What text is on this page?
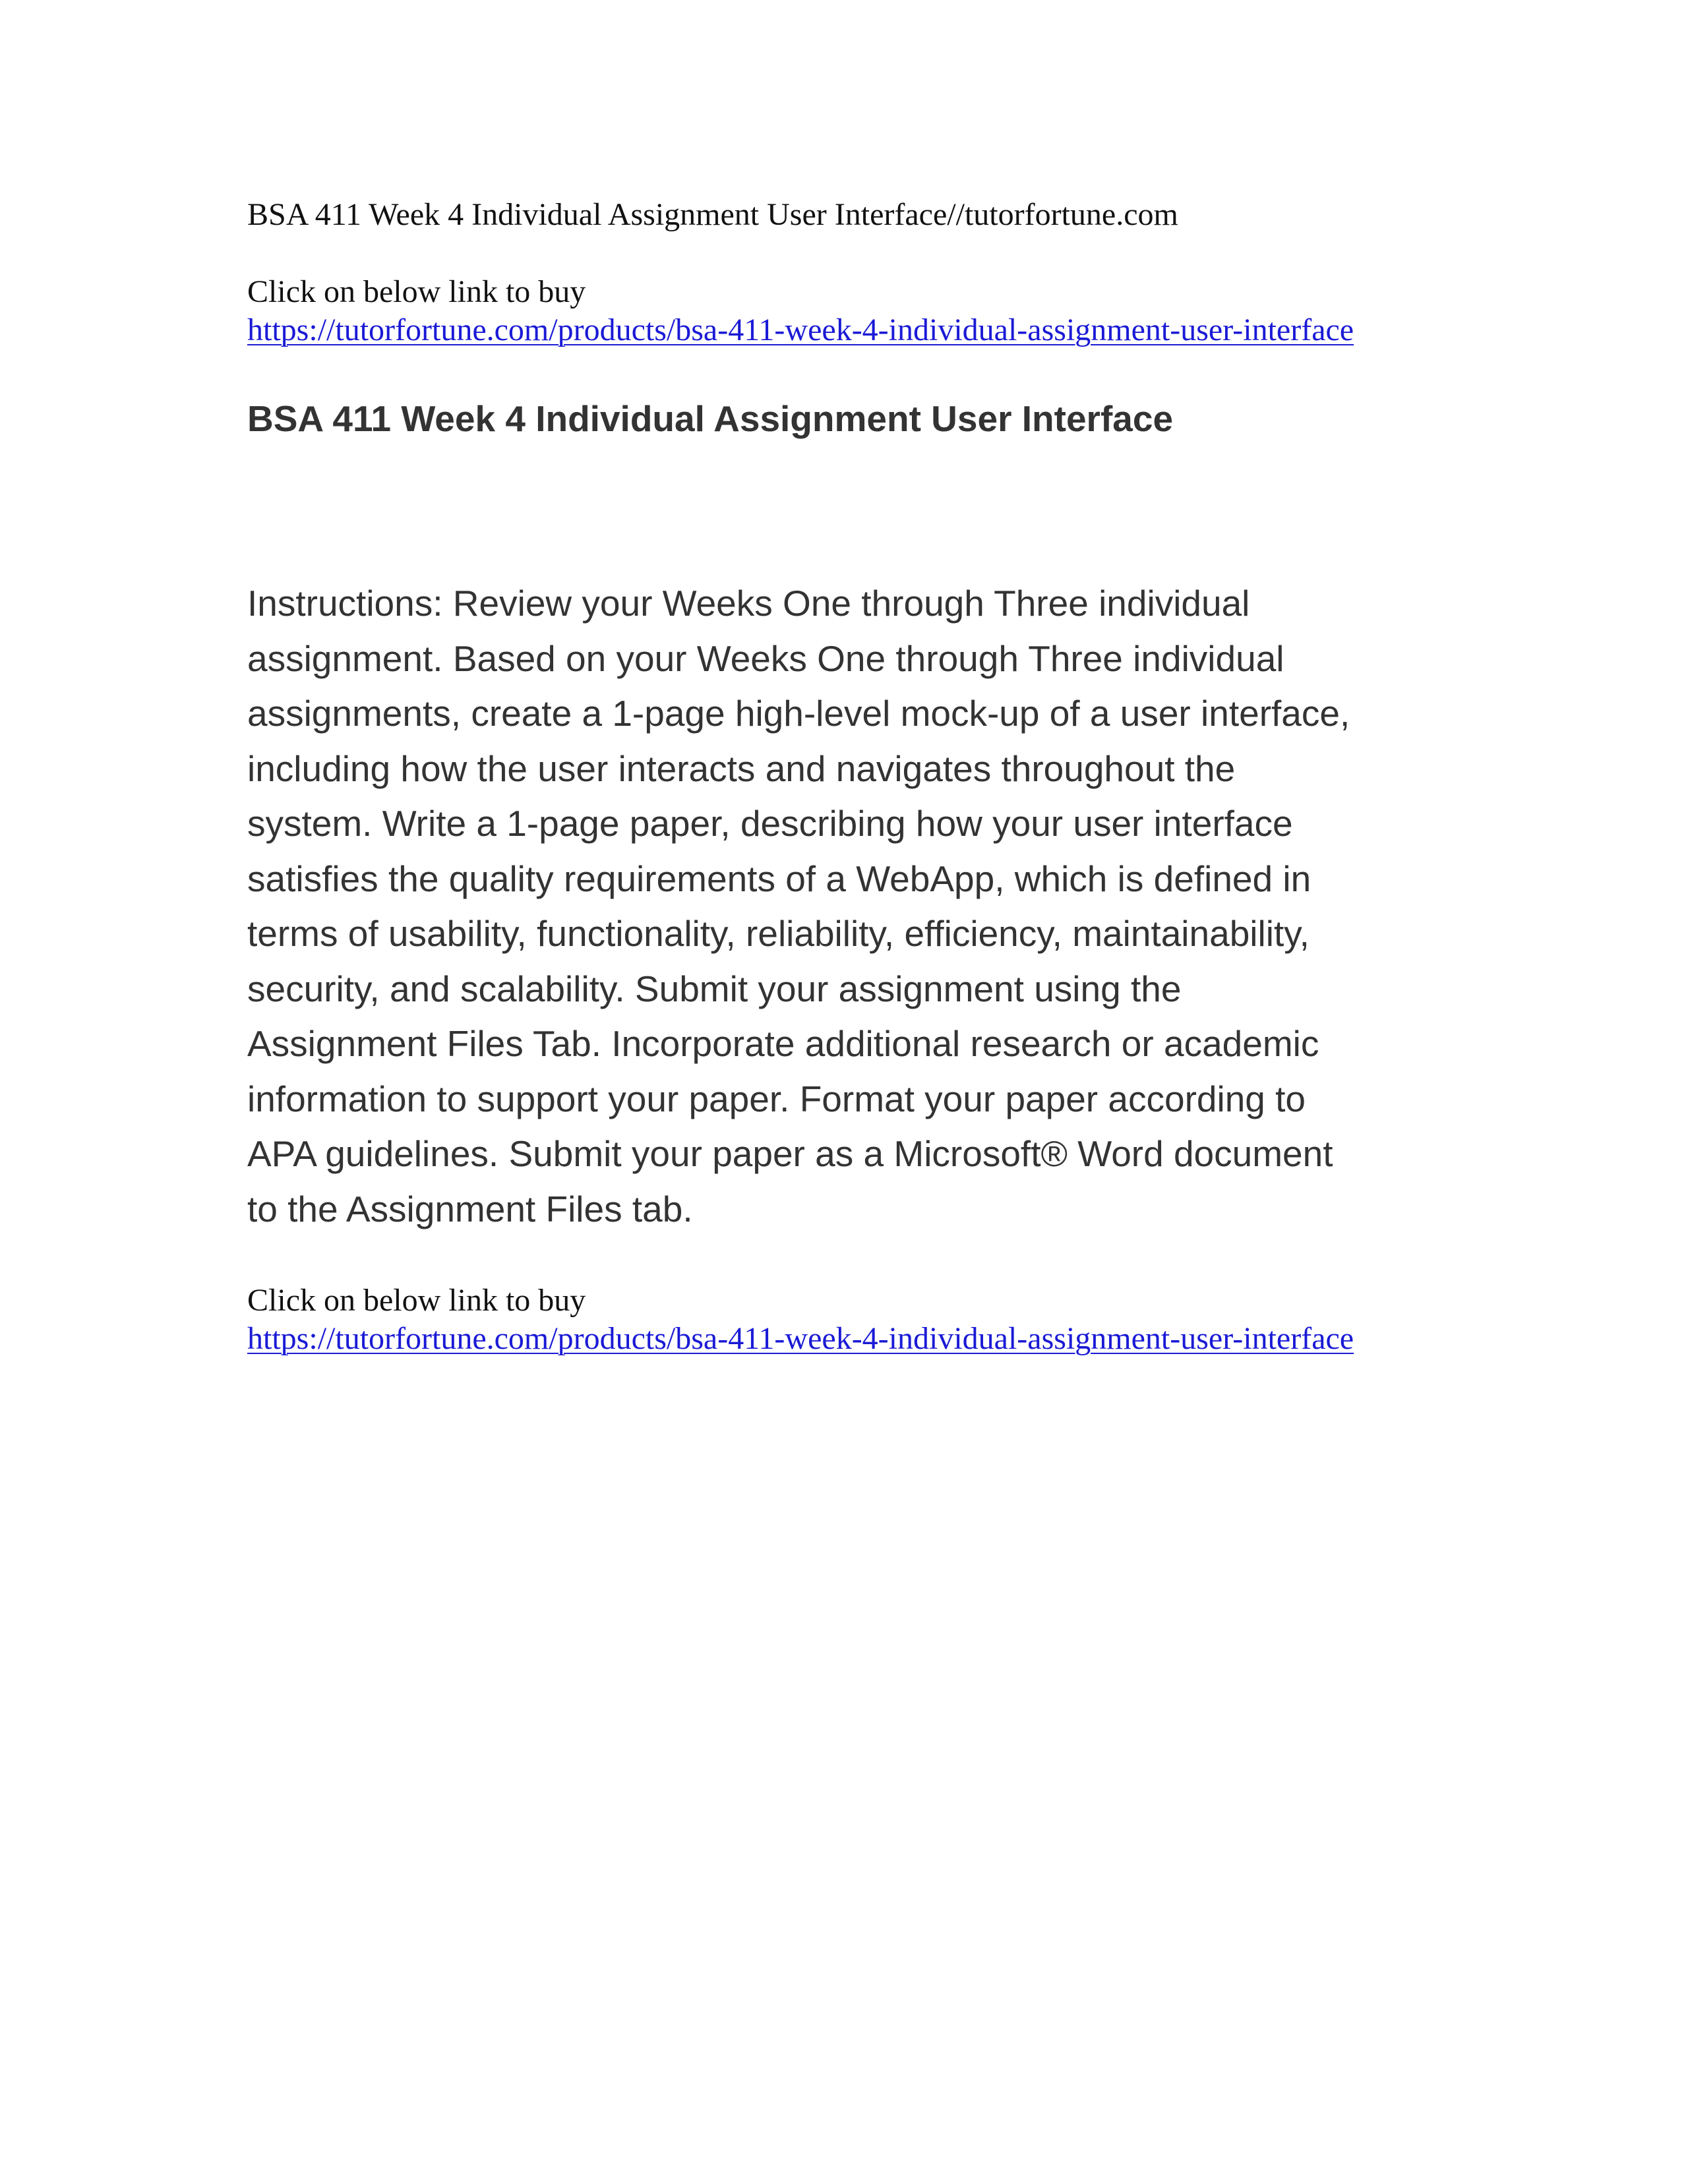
BSA 411 Week 4 Individual Assignment User Interface//tutorfortune.com

Click on below link to buy
https://tutorfortune.com/products/bsa-411-week-4-individual-assignment-user-interface
BSA 411 Week 4 Individual Assignment User Interface
Instructions: Review your Weeks One through Three individual
assignment. Based on your Weeks One through Three individual
assignments, create a 1-page high-level mock-up of a user interface,
including how the user interacts and navigates throughout the
system. Write a 1-page paper, describing how your user interface
satisfies the quality requirements of a WebApp, which is defined in
terms of usability, functionality, reliability, efficiency, maintainability,
security, and scalability. Submit your assignment using the
Assignment Files Tab. Incorporate additional research or academic
information to support your paper. Format your paper according to
APA guidelines. Submit your paper as a Microsoft® Word document
to the Assignment Files tab.
Click on below link to buy
https://tutorfortune.com/products/bsa-411-week-4-individual-assignment-user-interface
